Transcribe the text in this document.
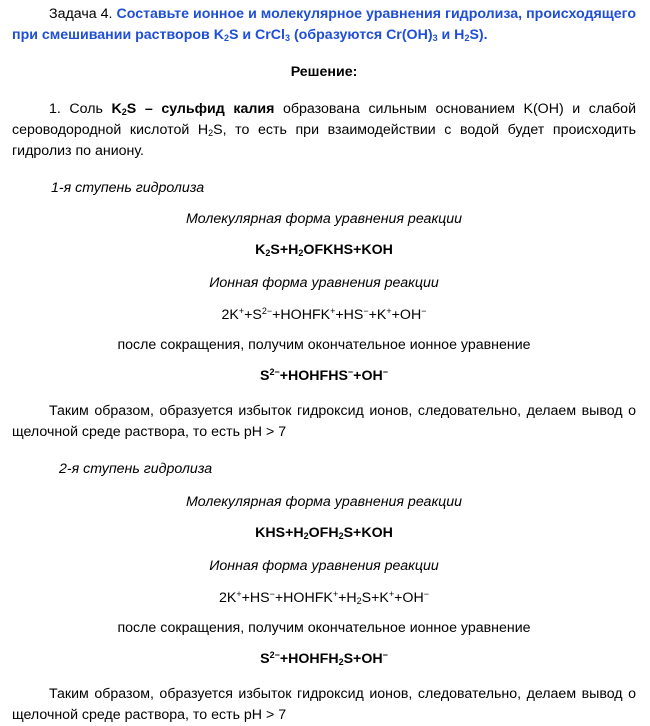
Задача 4. Составьте ионное и молекулярное уравнения гидролиза, происходящего при смешивании растворов $K_2S$ и CrCl$_3$ (образуются $Cr(OH)_3$ и $H_2S$).

Решение:

1. Соль $K_2S$ – сульфид калия образована сильным основанием K(OH) и слабой сероводородной кислотой $H_2S$, то есть при взаимодействии с водой будет происходить гидролиз по аниону.

1-я ступень гидролиза

Молекулярная форма уравнения реакции

$K_2S+H_2OFKHS+KOH$

Ионная форма уравнения реакции

$2K^++S^{2-}+HOHFK^++HS^-+K^++OH^-$

после сокращения, получим окончательное ионное уравнение

$S^{2-}+HOHFHS^-+OH^-$

Таким образом, образуется избыток гидроксид ионов, следовательно, делаем вывод о щелочной среде раствора, то есть pH > 7

2-я ступень гидролиза

Молекулярная форма уравнения реакции

$KHS+H_2OFH_2S+KOH$

Ионная форма уравнения реакции

$2K^++HS^-+HOHFK^++H_2S+K^++OH^-$

после сокращения, получим окончательное ионное уравнение

$S^{2-}+HOHFH_2S+OH^-$

Таким образом, образуется избыток гидроксид ионов, следовательно, делаем вывод о щелочной среде раствора, то есть pH > 7
